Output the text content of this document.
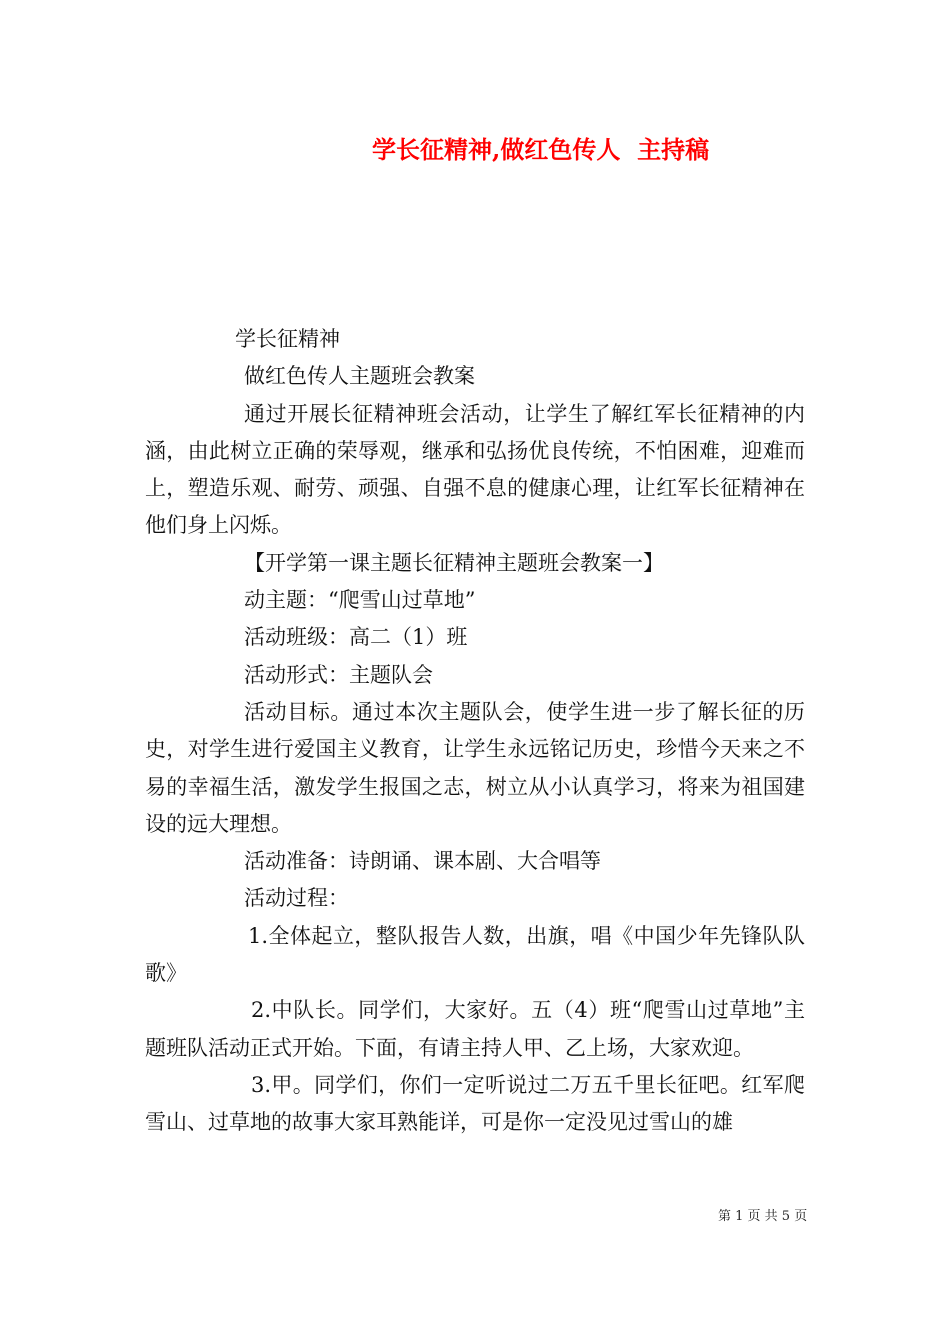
学长征精神,做红色传人  主持稿

学长征精神

做红色传人主题班会教案

通过开展长征精神班会活动，让学生了解红军长征精神的内涵，由此树立正确的荣辱观，继承和弘扬优良传统，不怕困难，迎难而上，塑造乐观、耐劳、顽强、自强不息的健康心理，让红军长征精神在他们身上闪烁。

【开学第一课主题长征精神主题班会教案一】

动主题：“爬雪山过草地”

活动班级：高二（1）班

活动形式：主题队会

活动目标。通过本次主题队会，使学生进一步了解长征的历史，对学生进行爱国主义教育，让学生永远铭记历史，珍惜今天来之不易的幸福生活，激发学生报国之志，树立从小认真学习，将来为祖国建设的远大理想。

活动准备：诗朗诵、课本剧、大合唱等

活动过程：

1.全体起立，整队报告人数，出旗，唱《中国少年先锋队队歌》

2.中队长。同学们，大家好。五（4）班“爬雪山过草地”主题班队活动正式开始。下面，有请主持人甲、乙上场，大家欢迎。

3.甲。同学们，你们一定听说过二万五千里长征吧。红军爬雪山、过草地的故事大家耳熟能详，可是你一定没见过雪山的雄

第 1 页 共 5 页
